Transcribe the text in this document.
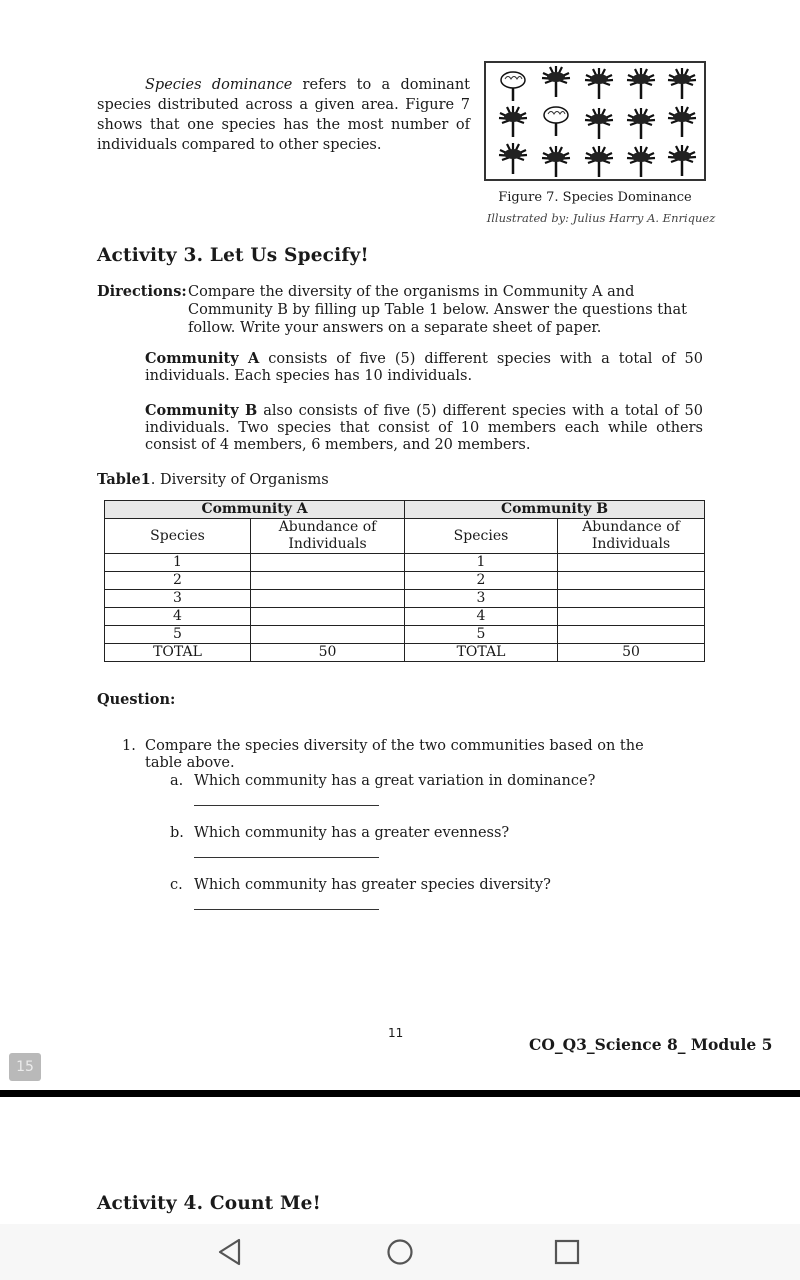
Species dominance refers to a dominant species distributed across a given area. Figure 7 shows that one species has the most number of individuals compared to other species.
Figure 7. Species Dominance
Illustrated by: Julius Harry A. Enriquez
Activity 3. Let Us Specify!
Directions: Compare the diversity of the organisms in Community A and Community B by filling up Table 1 below. Answer the questions that follow. Write your answers on a separate sheet of paper.
Community A consists of five (5) different species with a total of 50 individuals. Each species has 10 individuals.
Community B also consists of five (5) different species with a total of 50 individuals. Two species that consist of 10 members each while others consist of 4 members, 6 members, and 20 members.
Table1. Diversity of Organisms
Community A		Community B	
Species	Abundance of Individuals	Species	Abundance of Individuals
1		1	
2		2	
3		3	
4		4	
5		5	
TOTAL	50	TOTAL	50
Question:
1. Compare the species diversity of the two communities based on the table above.
a. Which community has a great variation in dominance?
b. Which community has a greater evenness?
c. Which community has greater species diversity?
11
CO_Q3_Science 8_ Module 5
15
Activity 4. Count Me!
